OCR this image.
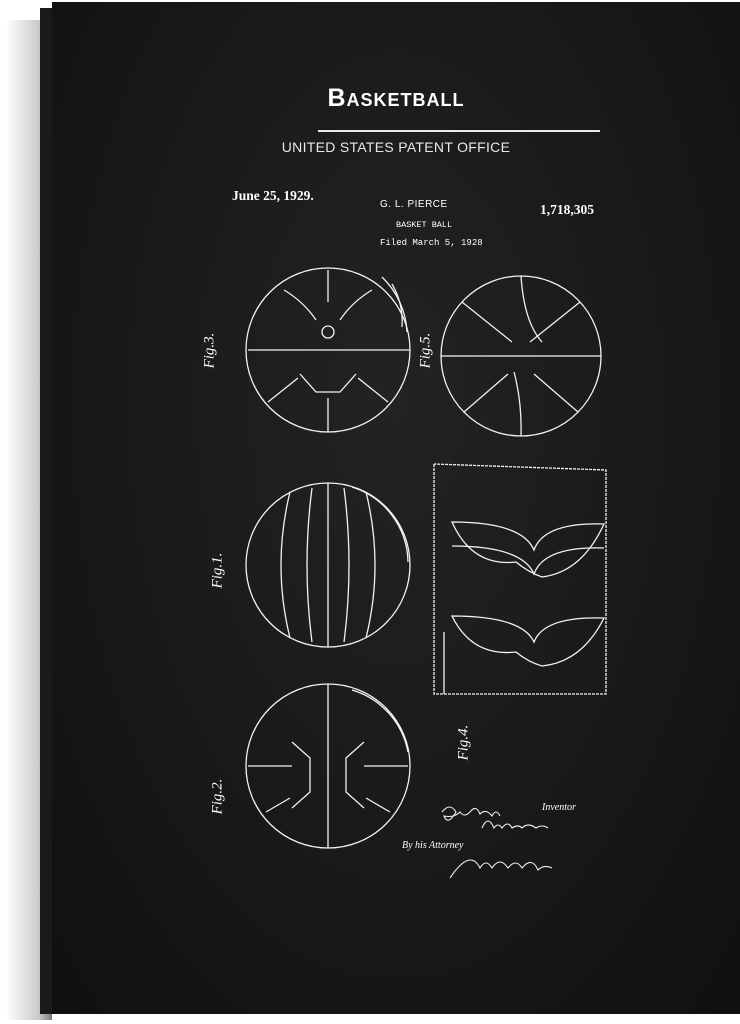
Basketball
UNITED STATES PATENT OFFICE
June 25, 1929.
G. L. PIERCE
BASKET BALL
Filed March 5, 1928
1,718,305
Fig.3.	Fig.5.
Fig.1.
Fig.4.
Fig.2.	Inventor
By his Attorney
